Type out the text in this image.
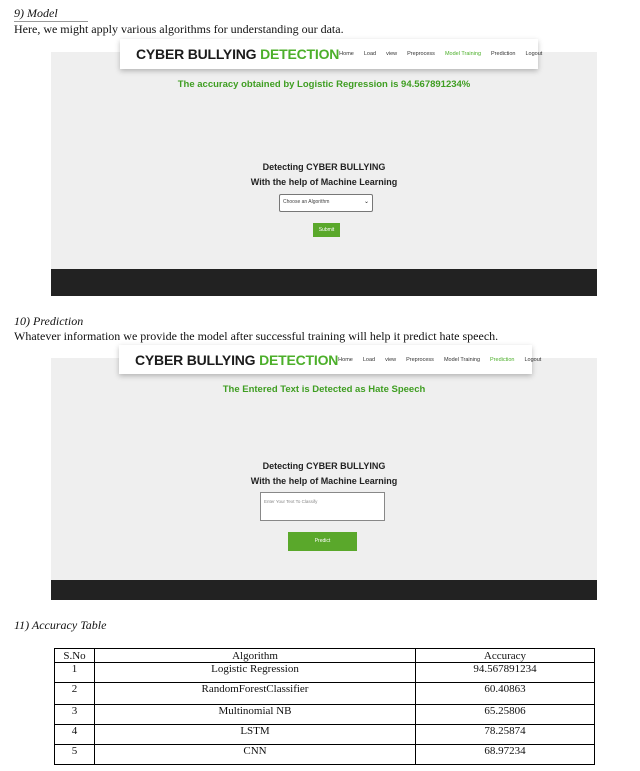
9) Model
Here, we might apply various algorithms for understanding our data.
CYBER BULLYING DETECTION Home Load view Preprocess Model Training Prediction Logout
The accuracy obtained by Logistic Regression is 94.567891234%
Detecting CYBER BULLYING
With the help of Machine Learning
Choose an Algorithm	⌄
Submit
10) Prediction
Whatever information we provide the model after successful training will help it predict hate speech.
CYBER BULLYING DETECTION Home Load view Preprocess Model Training Prediction Logout
The Entered Text is Detected as Hate Speech
Detecting CYBER BULLYING
With the help of Machine Learning
Enter Your Text To Classify
Predict
11) Accuracy Table
S.No	Algorithm	Accuracy
1	Logistic Regression	94.567891234
2	RandomForestClassifier	60.40863
3	Multinomial NB	65.25806
4	LSTM	78.25874
5	CNN	68.97234
